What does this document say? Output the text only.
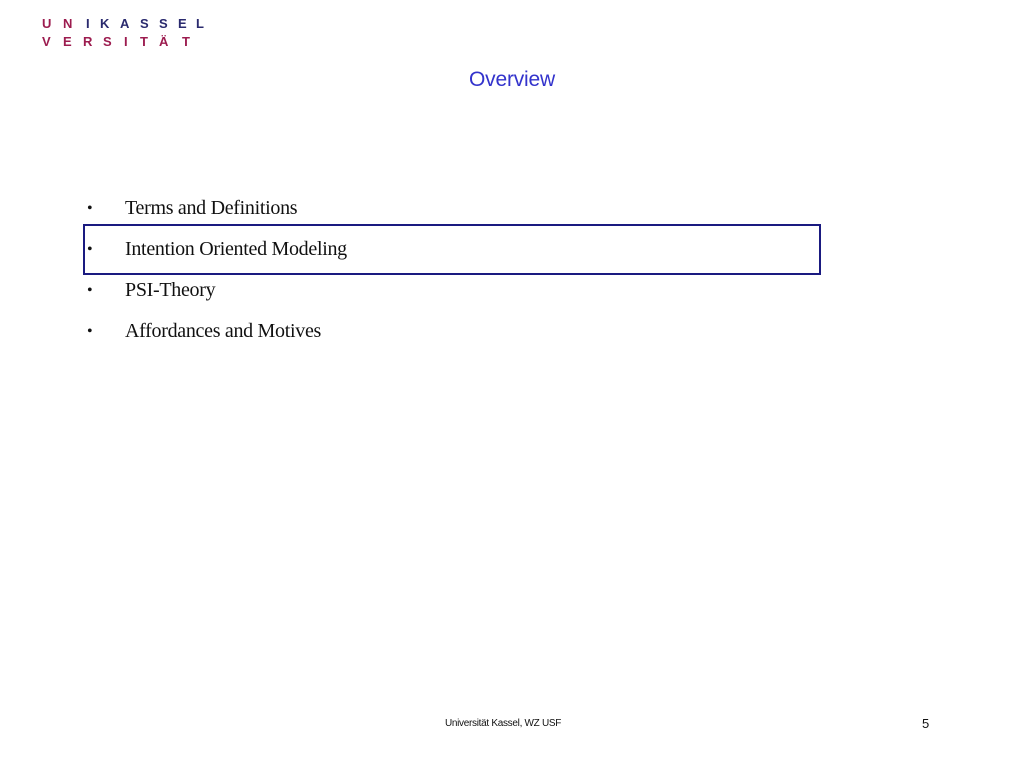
U N I K A S S E L
V E R S I T Ä T
Overview
•	Terms and Definitions
•	Intention Oriented Modeling
•	PSI-Theory
•	Affordances and Motives
Universität Kassel, WZ USF	5
